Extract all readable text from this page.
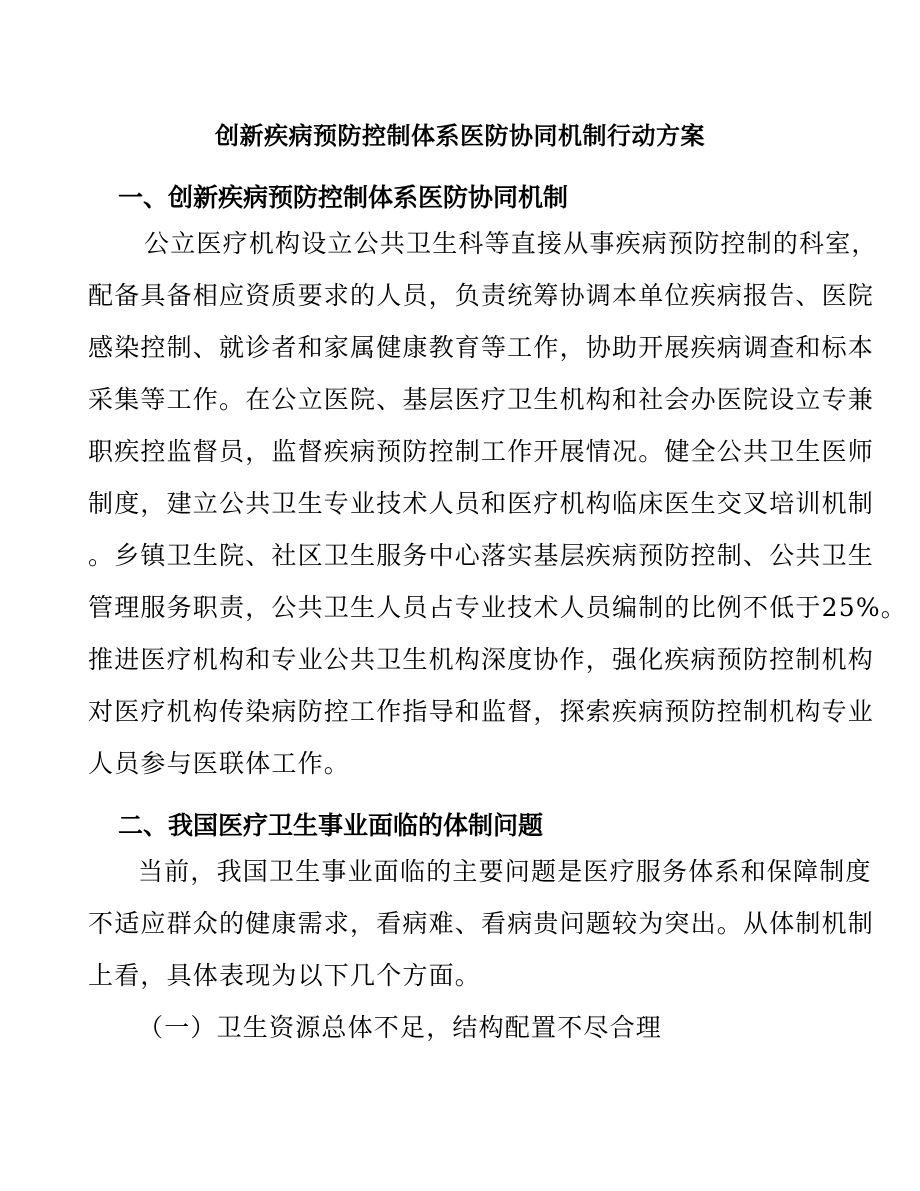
创新疾病预防控制体系医防协同机制行动方案
一、创新疾病预防控制体系医防协同机制
公立医疗机构设立公共卫生科等直接从事疾病预防控制的科室，
配备具备相应资质要求的人员，负责统筹协调本单位疾病报告、医院
感染控制、就诊者和家属健康教育等工作，协助开展疾病调查和标本
采集等工作。在公立医院、基层医疗卫生机构和社会办医院设立专兼
职疾控监督员，监督疾病预防控制工作开展情况。健全公共卫生医师
制度，建立公共卫生专业技术人员和医疗机构临床医生交叉培训机制
。乡镇卫生院、社区卫生服务中心落实基层疾病预防控制、公共卫生
管理服务职责，公共卫生人员占专业技术人员编制的比例不低于25%。
推进医疗机构和专业公共卫生机构深度协作，强化疾病预防控制机构
对医疗机构传染病防控工作指导和监督，探索疾病预防控制机构专业
人员参与医联体工作。
二、我国医疗卫生事业面临的体制问题
当前，我国卫生事业面临的主要问题是医疗服务体系和保障制度
不适应群众的健康需求，看病难、看病贵问题较为突出。从体制机制
上看，具体表现为以下几个方面。

（一）卫生资源总体不足，结构配置不尽合理
